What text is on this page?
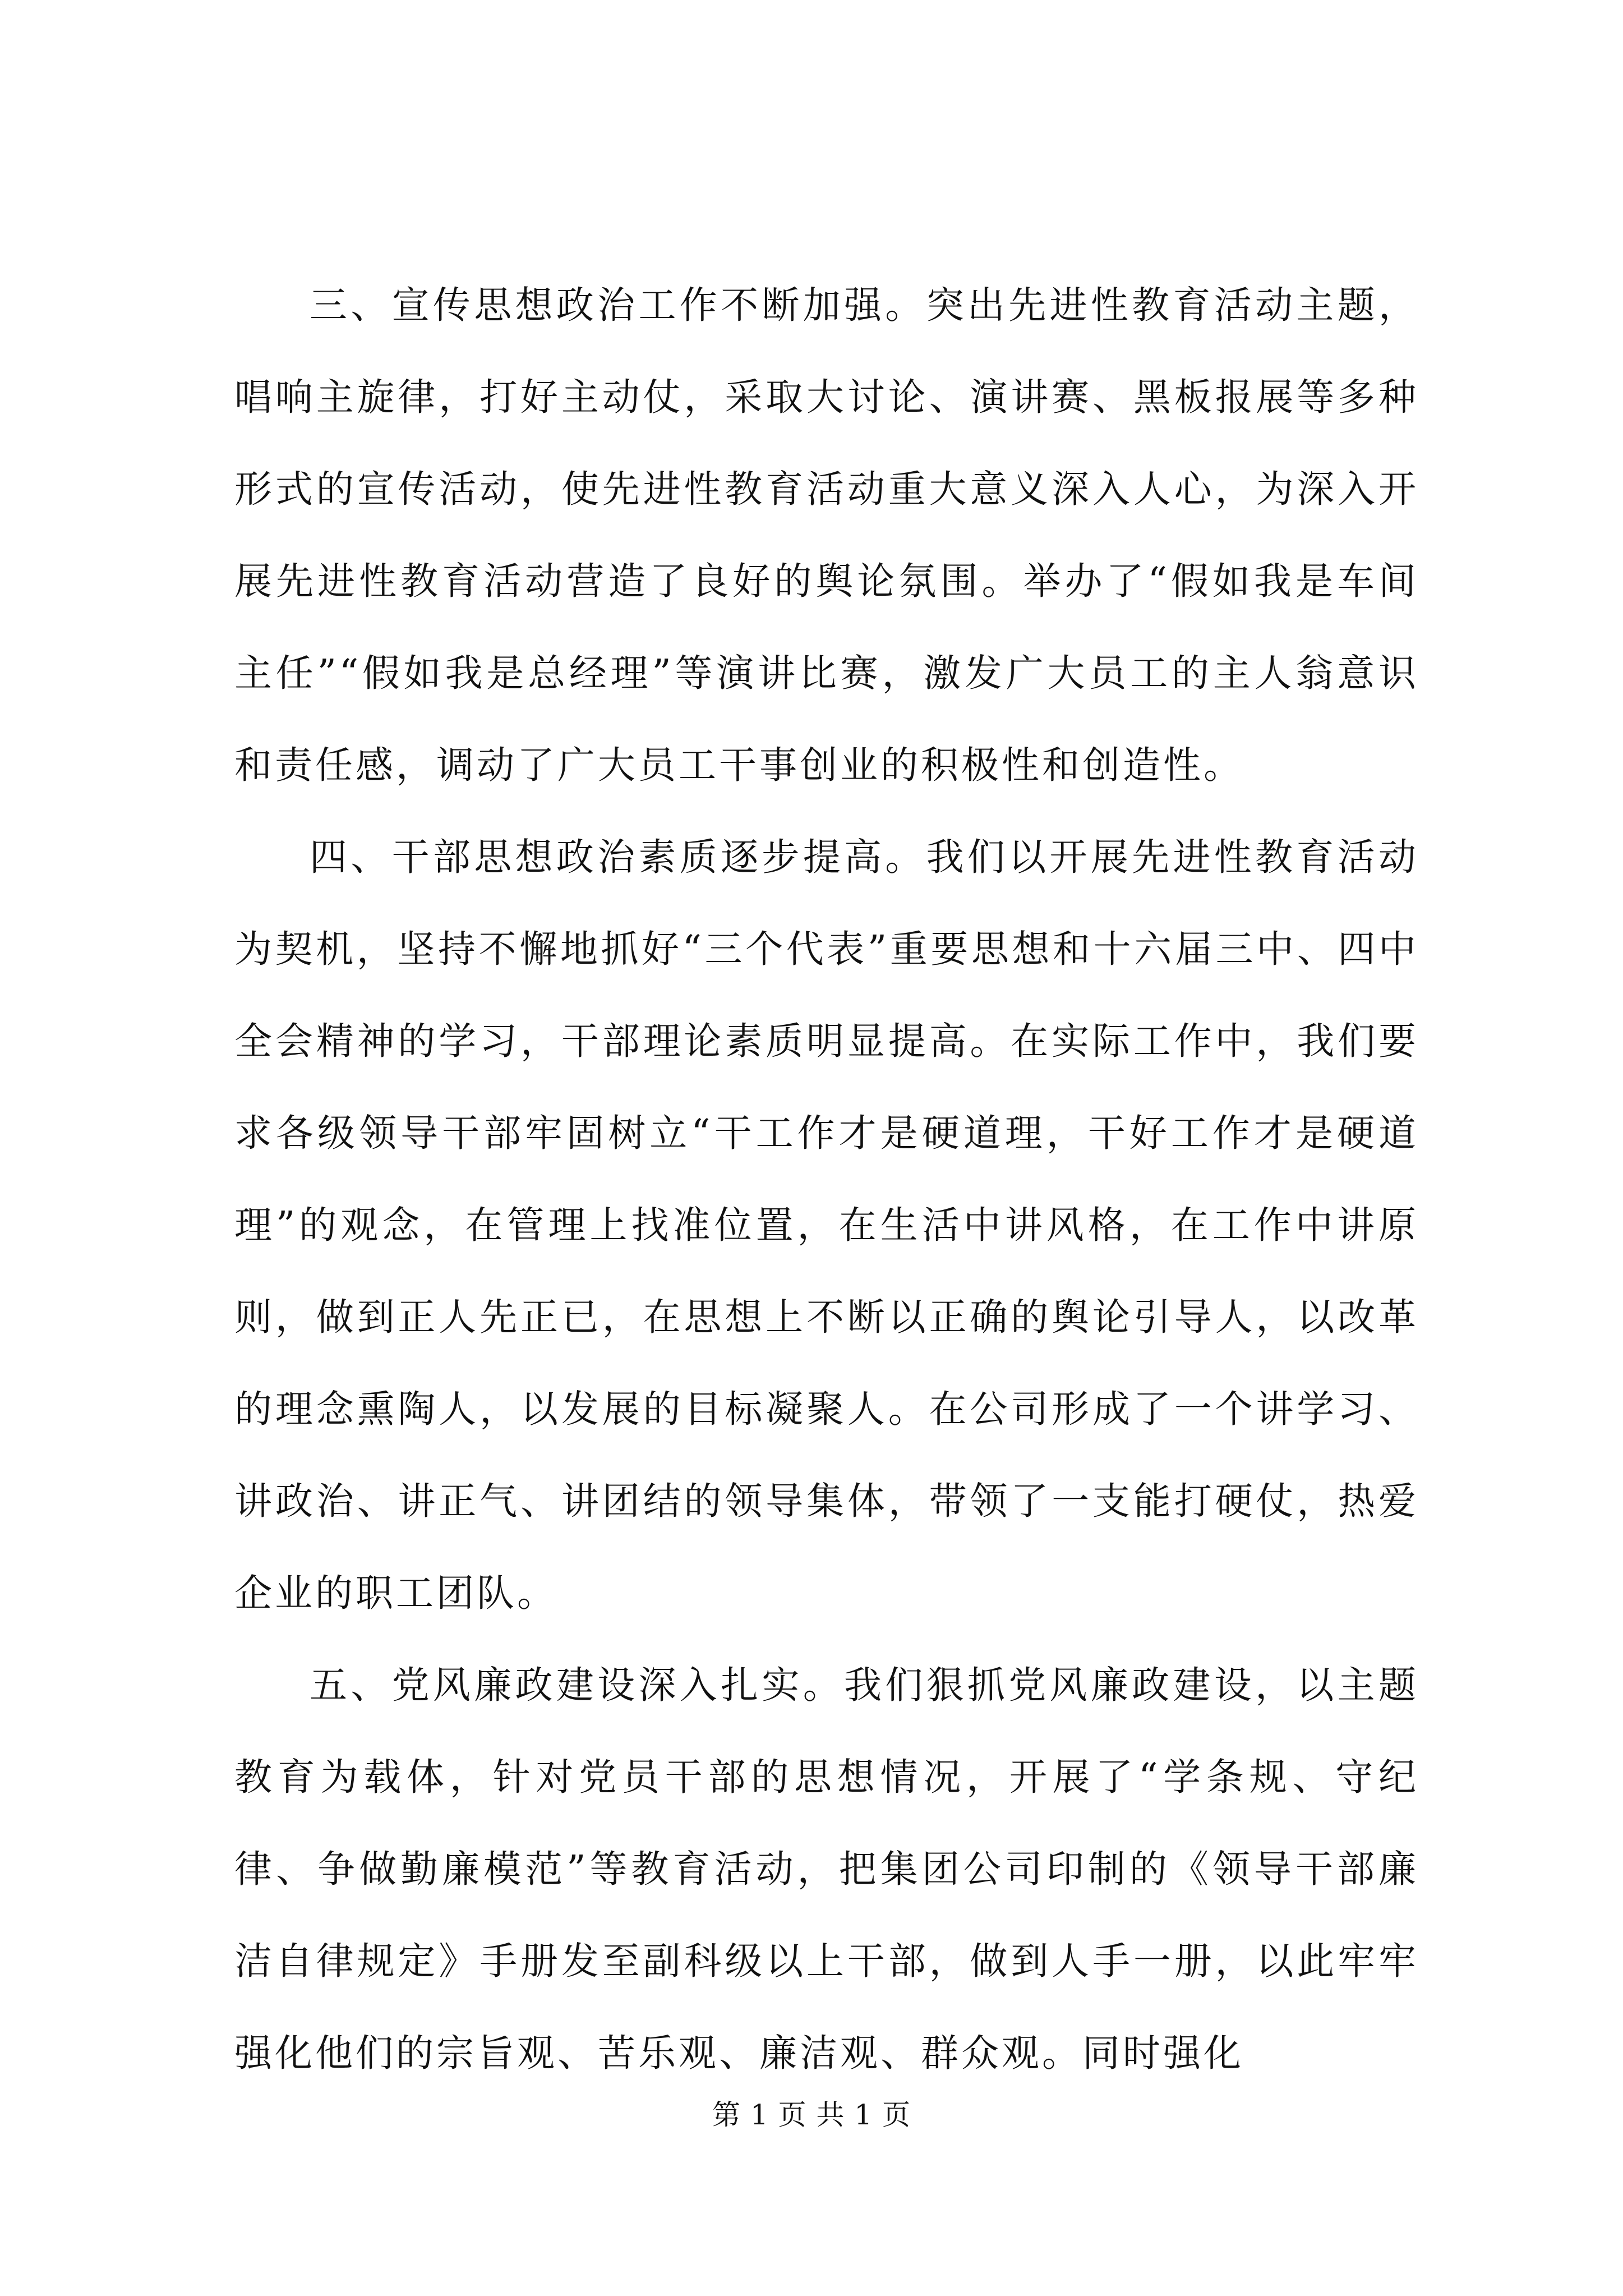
三、宣传思想政治工作不断加强。突出先进性教育活动主题，唱响主旋律，打好主动仗，采取大讨论、演讲赛、黑板报展等多种形式的宣传活动，使先进性教育活动重大意义深入人心，为深入开展先进性教育活动营造了良好的舆论氛围。举办了“假如我是车间主任”“假如我是总经理”等演讲比赛，激发广大员工的主人翁意识和责任感，调动了广大员工干事创业的积极性和创造性。

四、干部思想政治素质逐步提高。我们以开展先进性教育活动为契机，坚持不懈地抓好“三个代表”重要思想和十六届三中、四中全会精神的学习，干部理论素质明显提高。在实际工作中，我们要求各级领导干部牢固树立“干工作才是硬道理，干好工作才是硬道理”的观念，在管理上找准位置，在生活中讲风格，在工作中讲原则，做到正人先正已，在思想上不断以正确的舆论引导人，以改革的理念熏陶人，以发展的目标凝聚人。在公司形成了一个讲学习、讲政治、讲正气、讲团结的领导集体，带领了一支能打硬仗，热爱企业的职工团队。

五、党风廉政建设深入扎实。我们狠抓党风廉政建设，以主题教育为载体，针对党员干部的思想情况，开展了“学条规、守纪律、争做勤廉模范”等教育活动，把集团公司印制的《领导干部廉洁自律规定》手册发至副科级以上干部，做到人手一册，以此牢牢强化他们的宗旨观、苦乐观、廉洁观、群众观。同时强化

第 1 页 共 1 页
